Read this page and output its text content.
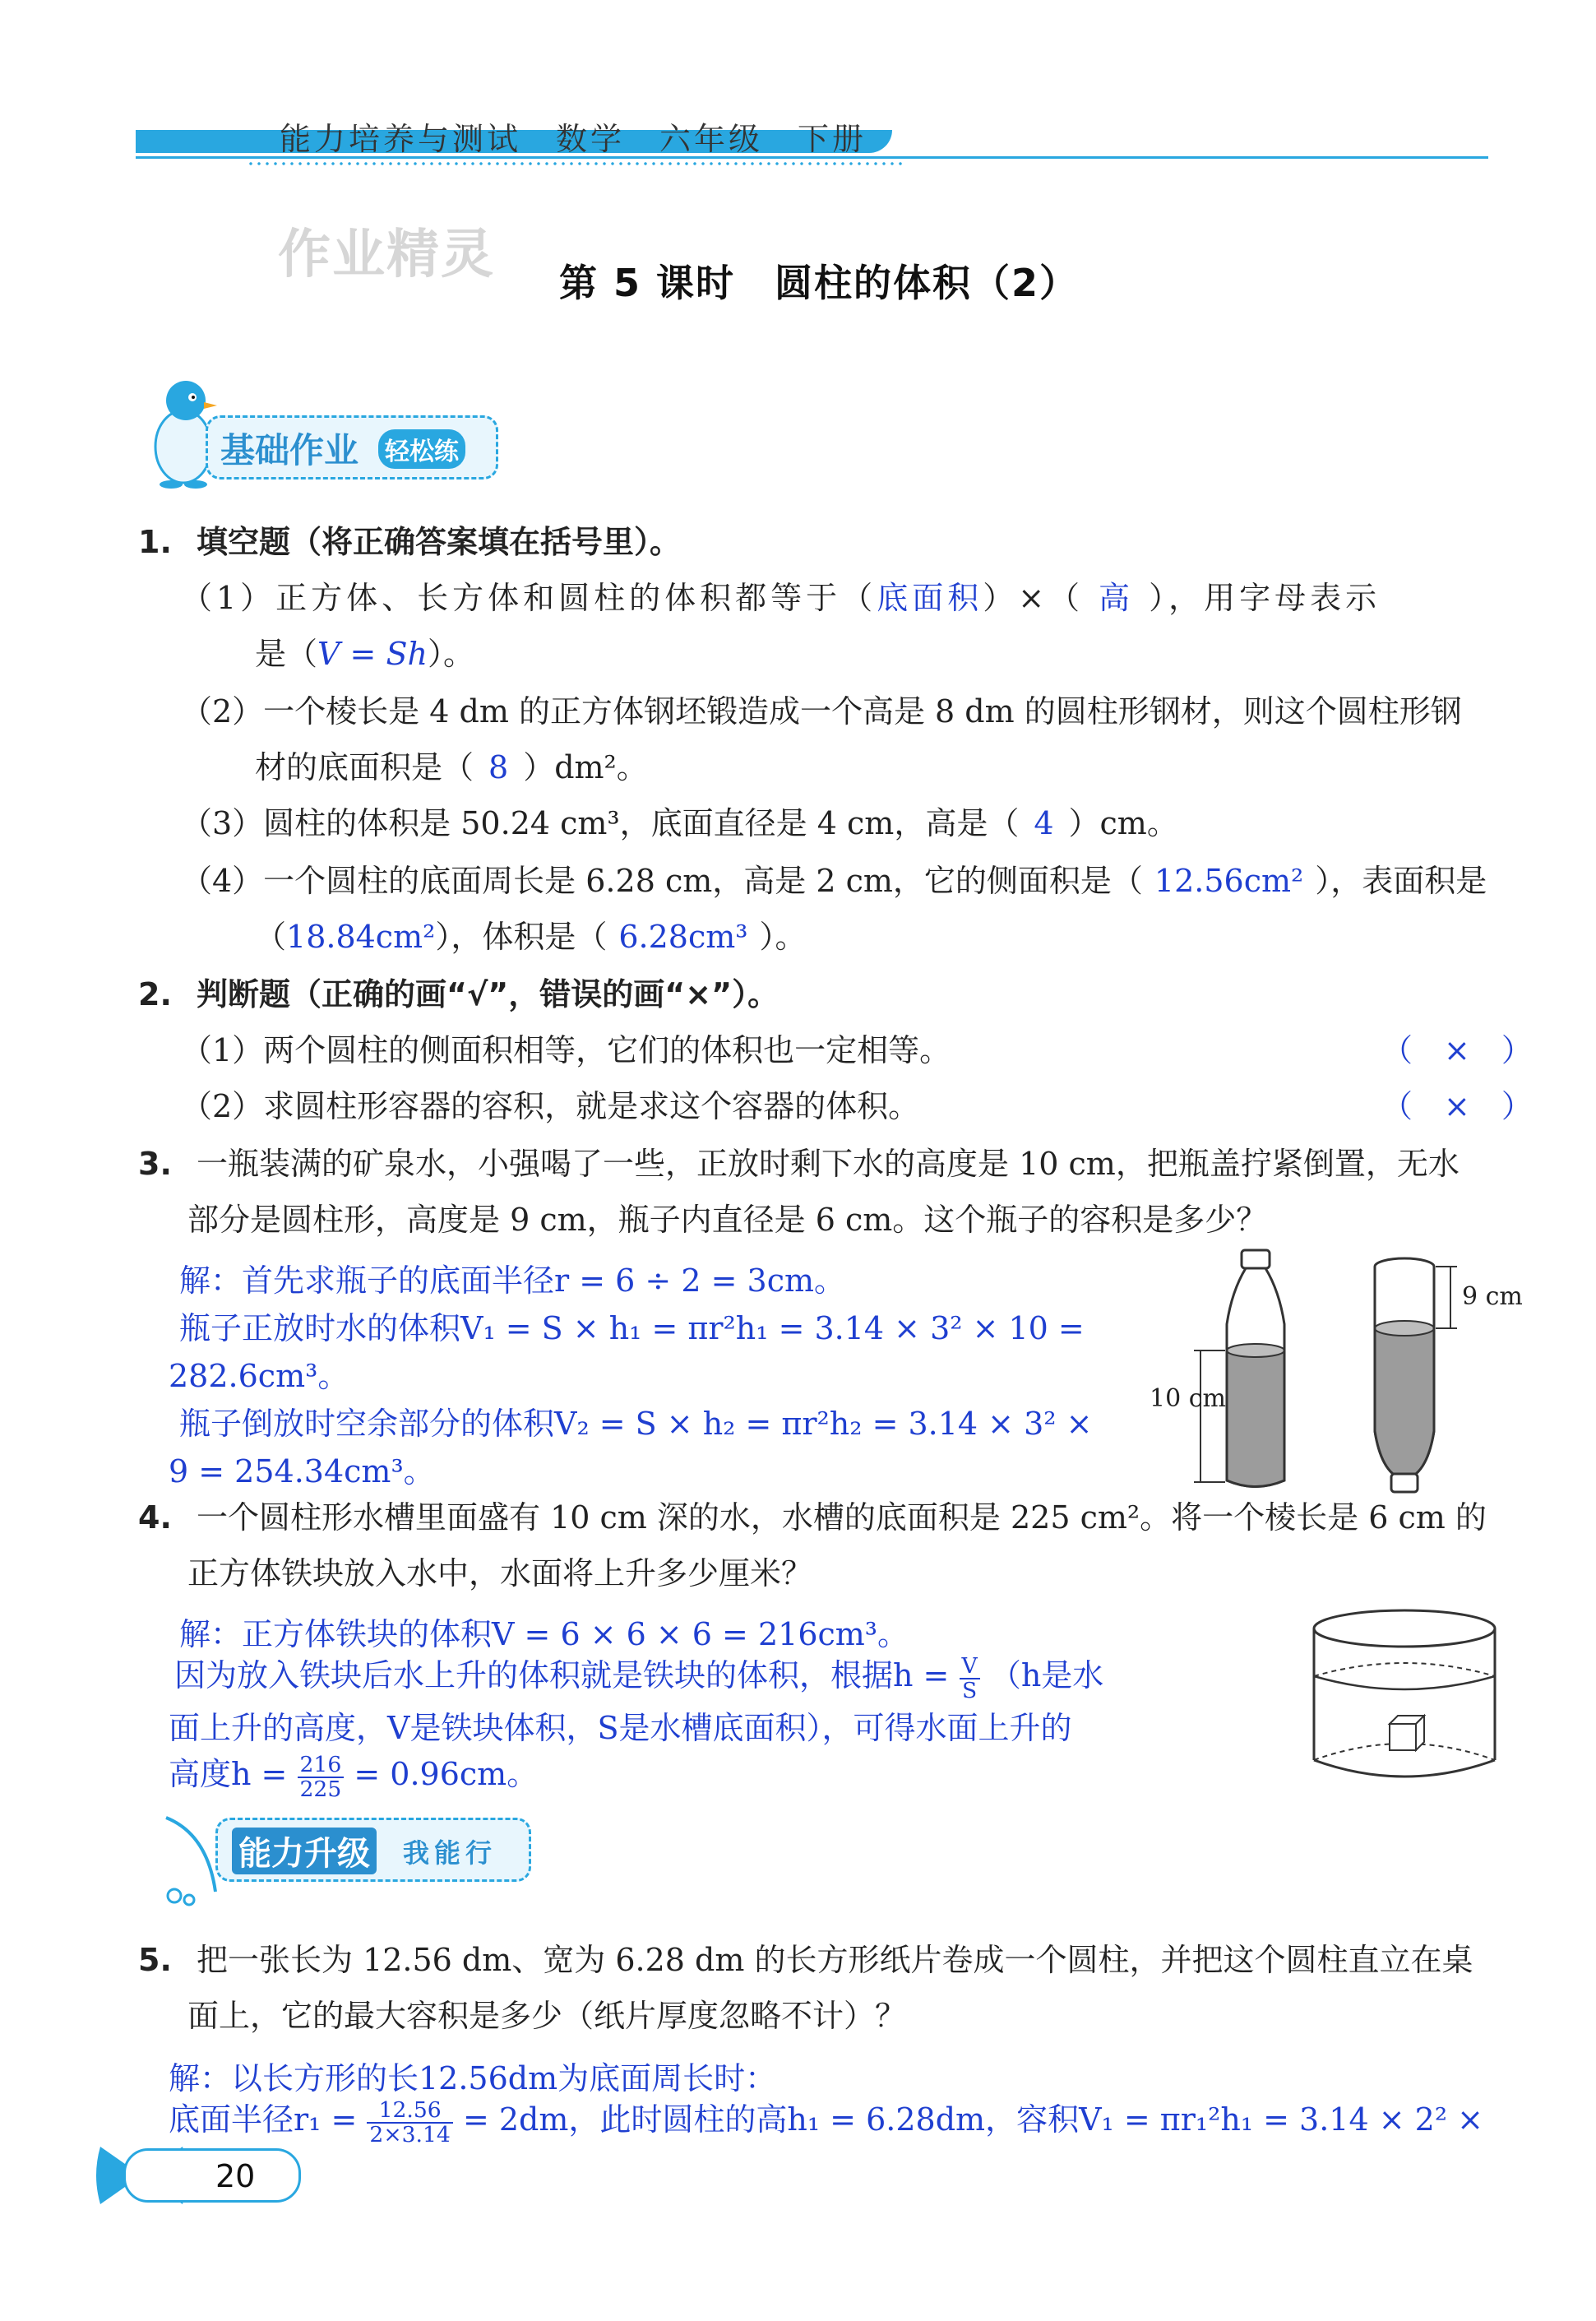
能力培养与测试　数学　六年级　下册
作业精灵 第 5 课时　圆柱的体积（2）
基础作业 轻松练
1. 填空题（将正确答案填在括号里）。
（1）正方体、长方体和圆柱的体积都等于（底面积）×（ 高 ），用字母表示
是（V = Sh）。
（2）一个棱长是 4 dm 的正方体钢坯锻造成一个高是 8 dm 的圆柱形钢材，则这个圆柱形钢
材的底面积是（ 8 ）dm²。
（3）圆柱的体积是 50.24 cm³，底面直径是 4 cm，高是（ 4 ）cm。
（4）一个圆柱的底面周长是 6.28 cm，高是 2 cm，它的侧面积是（ 12.56cm² ），表面积是
（18.84cm²），体积是（ 6.28cm³ ）。
2. 判断题（正确的画“√”，错误的画“×”）。
（1）两个圆柱的侧面积相等，它们的体积也一定相等。	（　×　）
（2）求圆柱形容器的容积，就是求这个容器的体积。	（　×　）
3. 一瓶装满的矿泉水，小强喝了一些，正放时剩下水的高度是 10 cm，把瓶盖拧紧倒置，无水
部分是圆柱形，高度是 9 cm，瓶子内直径是 6 cm。这个瓶子的容积是多少？
解：首先求瓶子的底面半径r = 6 ÷ 2 = 3cm。
瓶子正放时水的体积V₁ = S × h₁ = πr²h₁ = 3.14 × 3² × 10 =
282.6cm³。
瓶子倒放时空余部分的体积V₂ = S × h₂ = πr²h₂ = 3.14 × 3² ×
9 = 254.34cm³。
10 cm
9 cm
4. 一个圆柱形水槽里面盛有 10 cm 深的水，水槽的底面积是 225 cm²。将一个棱长是 6 cm 的
正方体铁块放入水中，水面将上升多少厘米？
解：正方体铁块的体积V = 6 × 6 × 6 = 216cm³。
因为放入铁块后水上升的体积就是铁块的体积，根据$h = \frac{V}{S} (h$是水
面上升的高度，V是铁块体积，S是水槽底面积），可得水面上升的
高度$h = \frac{216}{225} = 0.96cm$。
能力升级 我能行
5. 把一张长为 12.56 dm、宽为 6.28 dm 的长方形纸片卷成一个圆柱，并把这个圆柱直立在桌
面上，它的最大容积是多少（纸片厚度忽略不计）？
解：以长方形的长12.56dm为底面周长时：
底面半径$r_1 = \frac{12.56}{2\times 3.14} = 2dm$，此时圆柱的高h₁ = 6.28dm，容积V₁ = πr₁²h₁ = 3.14 × 2² ×
20
